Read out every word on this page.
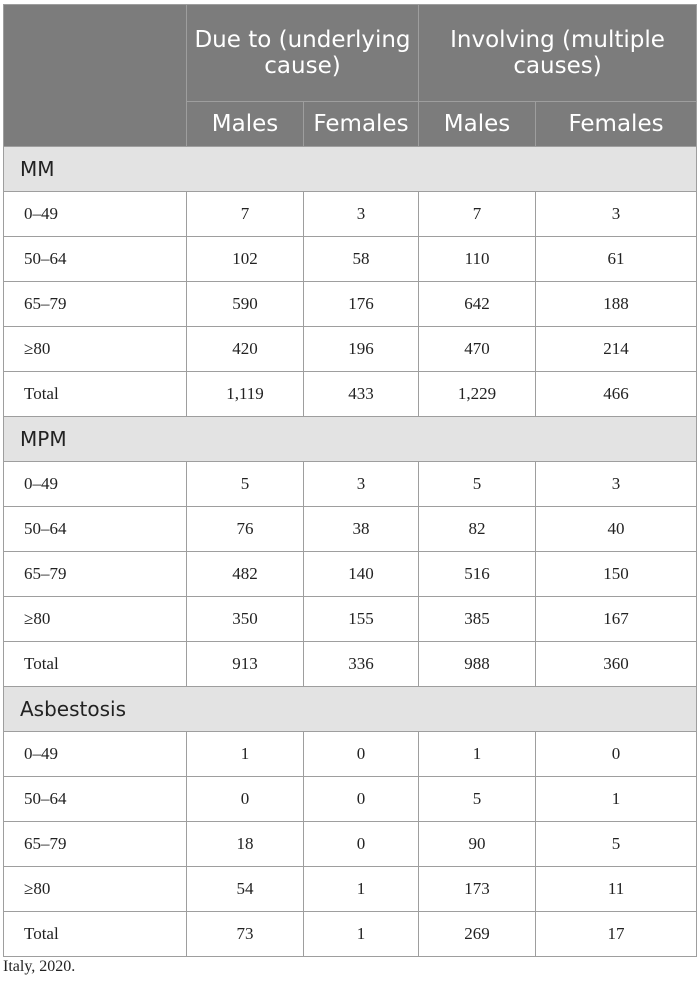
	Due to (underlying cause)		Involving (multiple causes)	
	Males	Females	Males	Females
MM				
0–49	7	3	7	3
50–64	102	58	110	61
65–79	590	176	642	188
≥80	420	196	470	214
Total	1,119	433	1,229	466
MPM				
0–49	5	3	5	3
50–64	76	38	82	40
65–79	482	140	516	150
≥80	350	155	385	167
Total	913	336	988	360
Asbestosis				
0–49	1	0	1	0
50–64	0	0	5	1
65–79	18	0	90	5
≥80	54	1	173	11
Total	73	1	269	17
Italy, 2020.
